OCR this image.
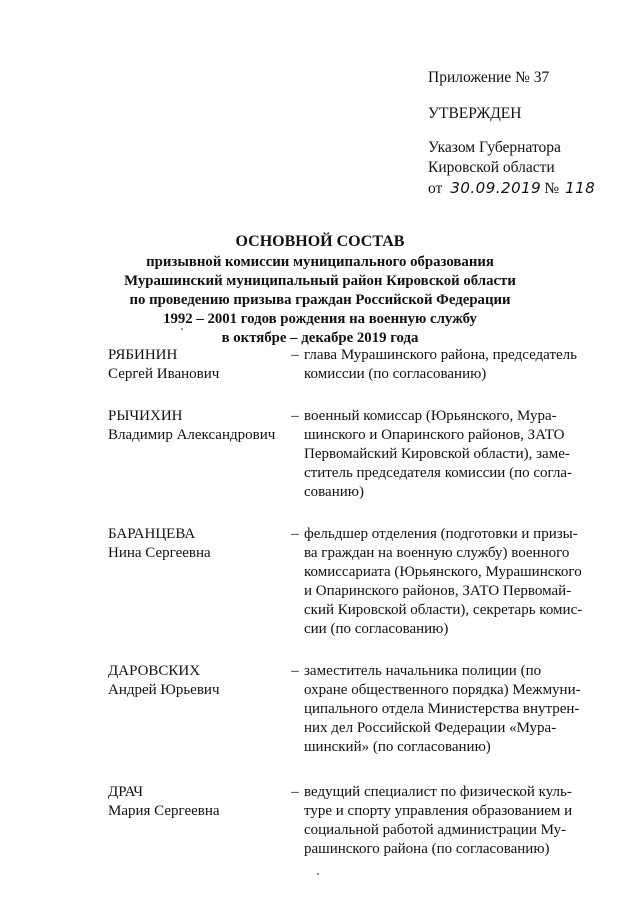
Приложение № 37
УТВЕРЖДЕН
Указом Губернатора
Кировской области
от 30.09.2019 № 118
ОСНОВНОЙ СОСТАВ
призывной комиссии муниципального образования
Мурашинский муниципальный район Кировской области
по проведению призыва граждан Российской Федерации
1992 – 2001 годов рождения на военную службу
в октябре – декабре 2019 года
РЯБИНИН
Сергей Иванович
– глава Мурашинского района, председатель
комиссии (по согласованию)
РЫЧИХИН
Владимир Александрович
– военный комиссар (Юрьянского, Мура-
шинского и Опаринского районов, ЗАТО
Первомайский Кировской области), заме-
ститель председателя комиссии (по согла-
сованию)
БАРАНЦЕВА
Нина Сергеевна
– фельдшер отделения (подготовки и призы-
ва граждан на военную службу) военного
комиссариата (Юрьянского, Мурашинского
и Опаринского районов, ЗАТО Первомай-
ский Кировской области), секретарь комис-
сии (по согласованию)
ДАРОВСКИХ
Андрей Юрьевич
– заместитель начальника полиции (по
охране общественного порядка) Межмуни-
ципального отдела Министерства внутрен-
них дел Российской Федерации «Мура-
шинский» (по согласованию)
ДРАЧ
Мария Сергеевна
– ведущий специалист по физической куль-
туре и спорту управления образованием и
социальной работой администрации Му-
рашинского района (по согласованию)
